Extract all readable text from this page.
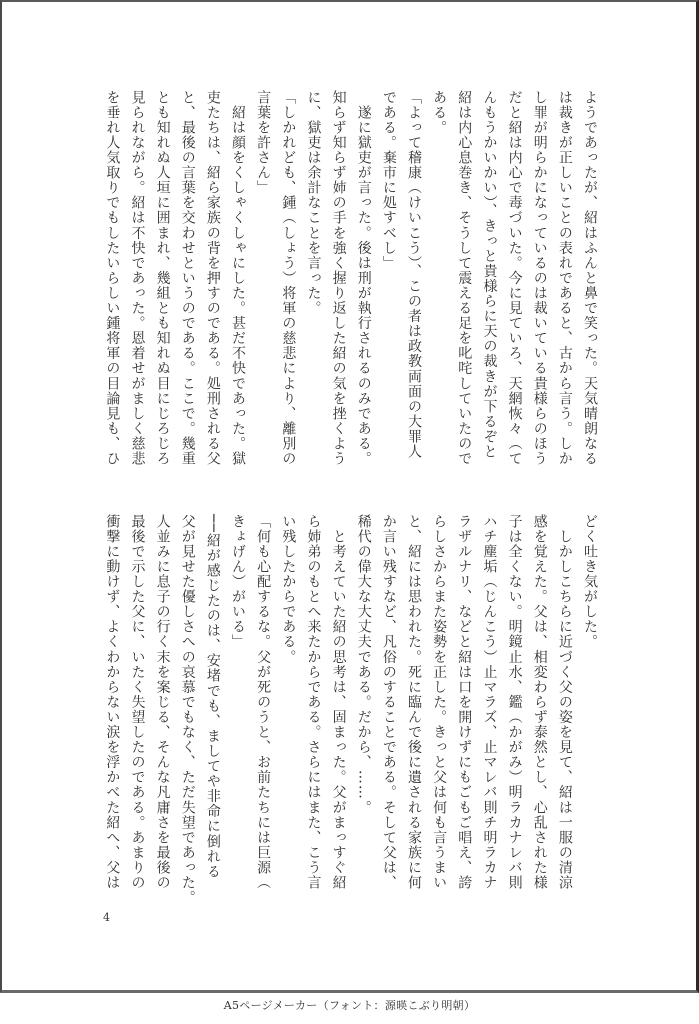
ようであったが、紹はふんと鼻で笑った。天気晴朗なる
は裁きが正しいことの表れであると、古から言う。しか
し罪が明らかになっているのは裁いている貴様らのほう
だと紹は内心で毒づいた。今に見ていろ、天網恢々（て
んもうかいかい）、きっと貴様らに天の裁きが下るぞと
紹は内心息巻き、そうして震える足を叱咤していたので
ある。
「よって稽康（けいこう）、この者は政教両面の大罪人
である。棄市に処すべし」
　遂に獄吏が言った。後は刑が執行されるのみである。
知らず知らず姉の手を強く握り返した紹の気を挫くよう
に、獄吏は余計なことを言った。
「しかれども、鍾（しょう）将軍の慈悲により、離別の
言葉を許さん」
　紹は顔をくしゃくしゃにした。甚だ不快であった。獄
吏たちは、紹ら家族の背を押すのである。処刑される父
と、最後の言葉を交わせというのである。ここで。幾重
とも知れぬ人垣に囲まれ、幾組とも知れぬ目にじろじろ
見られながら。紹は不快であった。恩着せがましく慈悲
を垂れ人気取りでもしたいらしい鍾将軍の目論見も、ひ
どく吐き気がした。
　しかしこちらに近づく父の姿を見て、紹は一服の清涼
感を覚えた。父は、相変わらず泰然とし、心乱された様
子は全くない。明鏡止水、鑑（かがみ）明ラカナレバ則
ハチ塵垢（じんこう）止マラズ、止マレバ則チ明ラカナ
ラザルナリ、などと紹は口を開けずにもごもご唱え、誇
らしさからまた姿勢を正した。きっと父は何も言うまい
と、紹には思われた。死に臨んで後に遺される家族に何
か言い残すなど、凡俗のすることである。そして父は、
稀代の偉大な大丈夫である。だから、……。
　と考えていた紹の思考は、固まった。父がまっすぐ紹
ら姉弟のもとへ来たからである。さらにはまた、こう言
い残したからである。
「何も心配するな。父が死のうと、お前たちには巨源（
きょげん）がいる」
──紹が感じたのは、安堵でも、ましてや非命に倒れる
父が見せた優しさへの哀慕でもなく、ただ失望であった。
人並みに息子の行く末を案じる、そんな凡庸さを最後の
最後で示した父に、いたく失望したのである。あまりの
衝撃に動けず、よくわからない涙を浮かべた紹へ、父は
4
A5ページメーカー（フォント：源暎こぶり明朝）
